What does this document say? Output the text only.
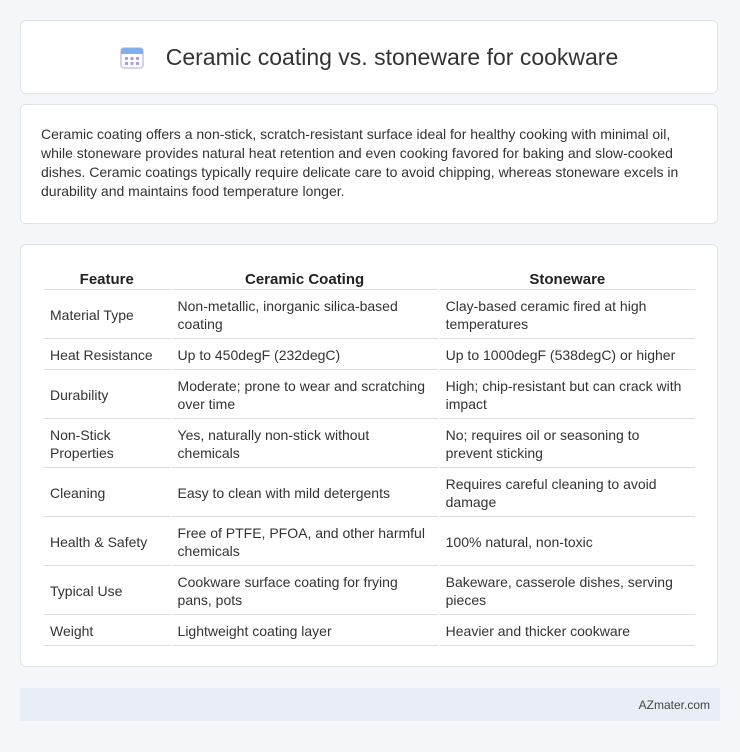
Ceramic coating vs. stoneware for cookware

Ceramic coating offers a non-stick, scratch-resistant surface ideal for healthy cooking with minimal oil, while stoneware provides natural heat retention and even cooking favored for baking and slow-cooked dishes. Ceramic coatings typically require delicate care to avoid chipping, whereas stoneware excels in durability and maintains food temperature longer.

Feature	Ceramic Coating	Stoneware
Material Type	Non-metallic, inorganic silica-based coating	Clay-based ceramic fired at high temperatures
Heat Resistance	Up to 450degF (232degC)	Up to 1000degF (538degC) or higher
Durability	Moderate; prone to wear and scratching over time	High; chip-resistant but can crack with impact
Non-Stick Properties	Yes, naturally non-stick without chemicals	No; requires oil or seasoning to prevent sticking
Cleaning	Easy to clean with mild detergents	Requires careful cleaning to avoid damage
Health & Safety	Free of PTFE, PFOA, and other harmful chemicals	100% natural, non-toxic
Typical Use	Cookware surface coating for frying pans, pots	Bakeware, casserole dishes, serving pieces
Weight	Lightweight coating layer	Heavier and thicker cookware
AZmater.com
